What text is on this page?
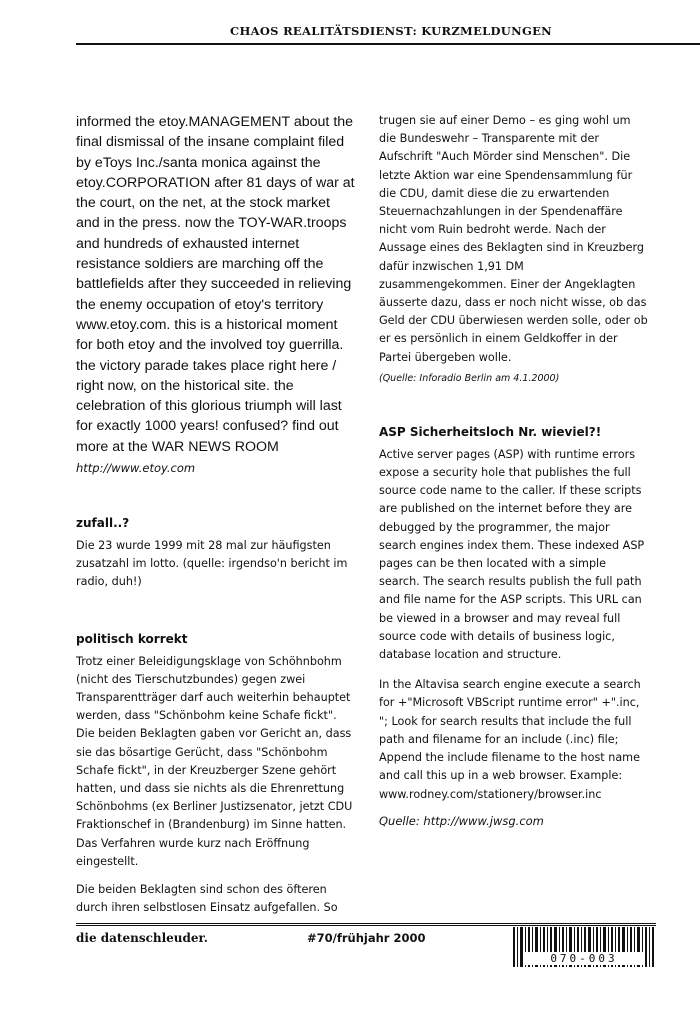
CHAOS REALITÄTSDIENST: KURZMELDUNGEN

informed the etoy.MANAGEMENT about the final dismissal of the insane complaint filed by eToys Inc./santa monica against the etoy.CORPORATION after 81 days of war at the court, on the net, at the stock market and in the press. now the TOY-WAR.troops and hundreds of exhausted internet resistance soldiers are marching off the battlefields after they succeeded in relieving the enemy occupation of etoy's territory www.etoy.com. this is a historical moment for both etoy and the involved toy guerrilla. the victory parade takes place right here / right now, on the historical site. the celebration of this glorious triumph will last for exactly 1000 years! confused? find out more at the WAR NEWS ROOM

http://www.etoy.com

zufall..?

Die 23 wurde 1999 mit 28 mal zur häufigsten zusatzahl im lotto. (quelle: irgendso'n bericht im radio, duh!)

politisch korrekt

Trotz einer Beleidigungsklage von Schöhnbohm (nicht des Tierschutzbundes) gegen zwei Transparentträger darf auch weiterhin behauptet werden, dass "Schönbohm keine Schafe fickt". Die beiden Beklagten gaben vor Gericht an, dass sie das bösartige Gerücht, dass "Schönbohm Schafe fickt", in der Kreuzberger Szene gehört hatten, und dass sie nichts als die Ehrenrettung Schönbohms (ex Berliner Justizsenator, jetzt CDU Fraktionschef in (Brandenburg) im Sinne hatten. Das Verfahren wurde kurz nach Eröffnung eingestellt.

Die beiden Beklagten sind schon des öfteren durch ihren selbstlosen Einsatz aufgefallen. So

trugen sie auf einer Demo – es ging wohl um die Bundeswehr – Transparente mit der Aufschrift "Auch Mörder sind Menschen". Die letzte Aktion war eine Spendensammlung für die CDU, damit diese die zu erwartenden Steuernachzahlungen in der Spendenaffäre nicht vom Ruin bedroht werde. Nach der Aussage eines des Beklagten sind in Kreuzberg dafür inzwischen 1,91 DM zusammengekommen. Einer der Angeklagten äusserte dazu, dass er noch nicht wisse, ob das Geld der CDU überwiesen werden solle, oder ob er es persönlich in einem Geldkoffer in der Partei übergeben wolle.

(Quelle: Inforadio Berlin am 4.1.2000)

ASP Sicherheitsloch Nr. wieviel?!

Active server pages (ASP) with runtime errors expose a security hole that publishes the full source code name to the caller. If these scripts are published on the internet before they are debugged by the programmer, the major search engines index them. These indexed ASP pages can be then located with a simple search. The search results publish the full path and file name for the ASP scripts. This URL can be viewed in a browser and may reveal full source code with details of business logic, database location and structure.

In the Altavisa search engine execute a search for +"Microsoft VBScript runtime error" +".inc, "; Look for search results that include the full path and filename for an include (.inc) file; Append the include filename to the host name and call this up in a web browser. Example: www.rodney.com/stationery/browser.inc

Quelle: http://www.jwsg.com

die datenschleuder.	#70/frühjahr 2000
070-003
